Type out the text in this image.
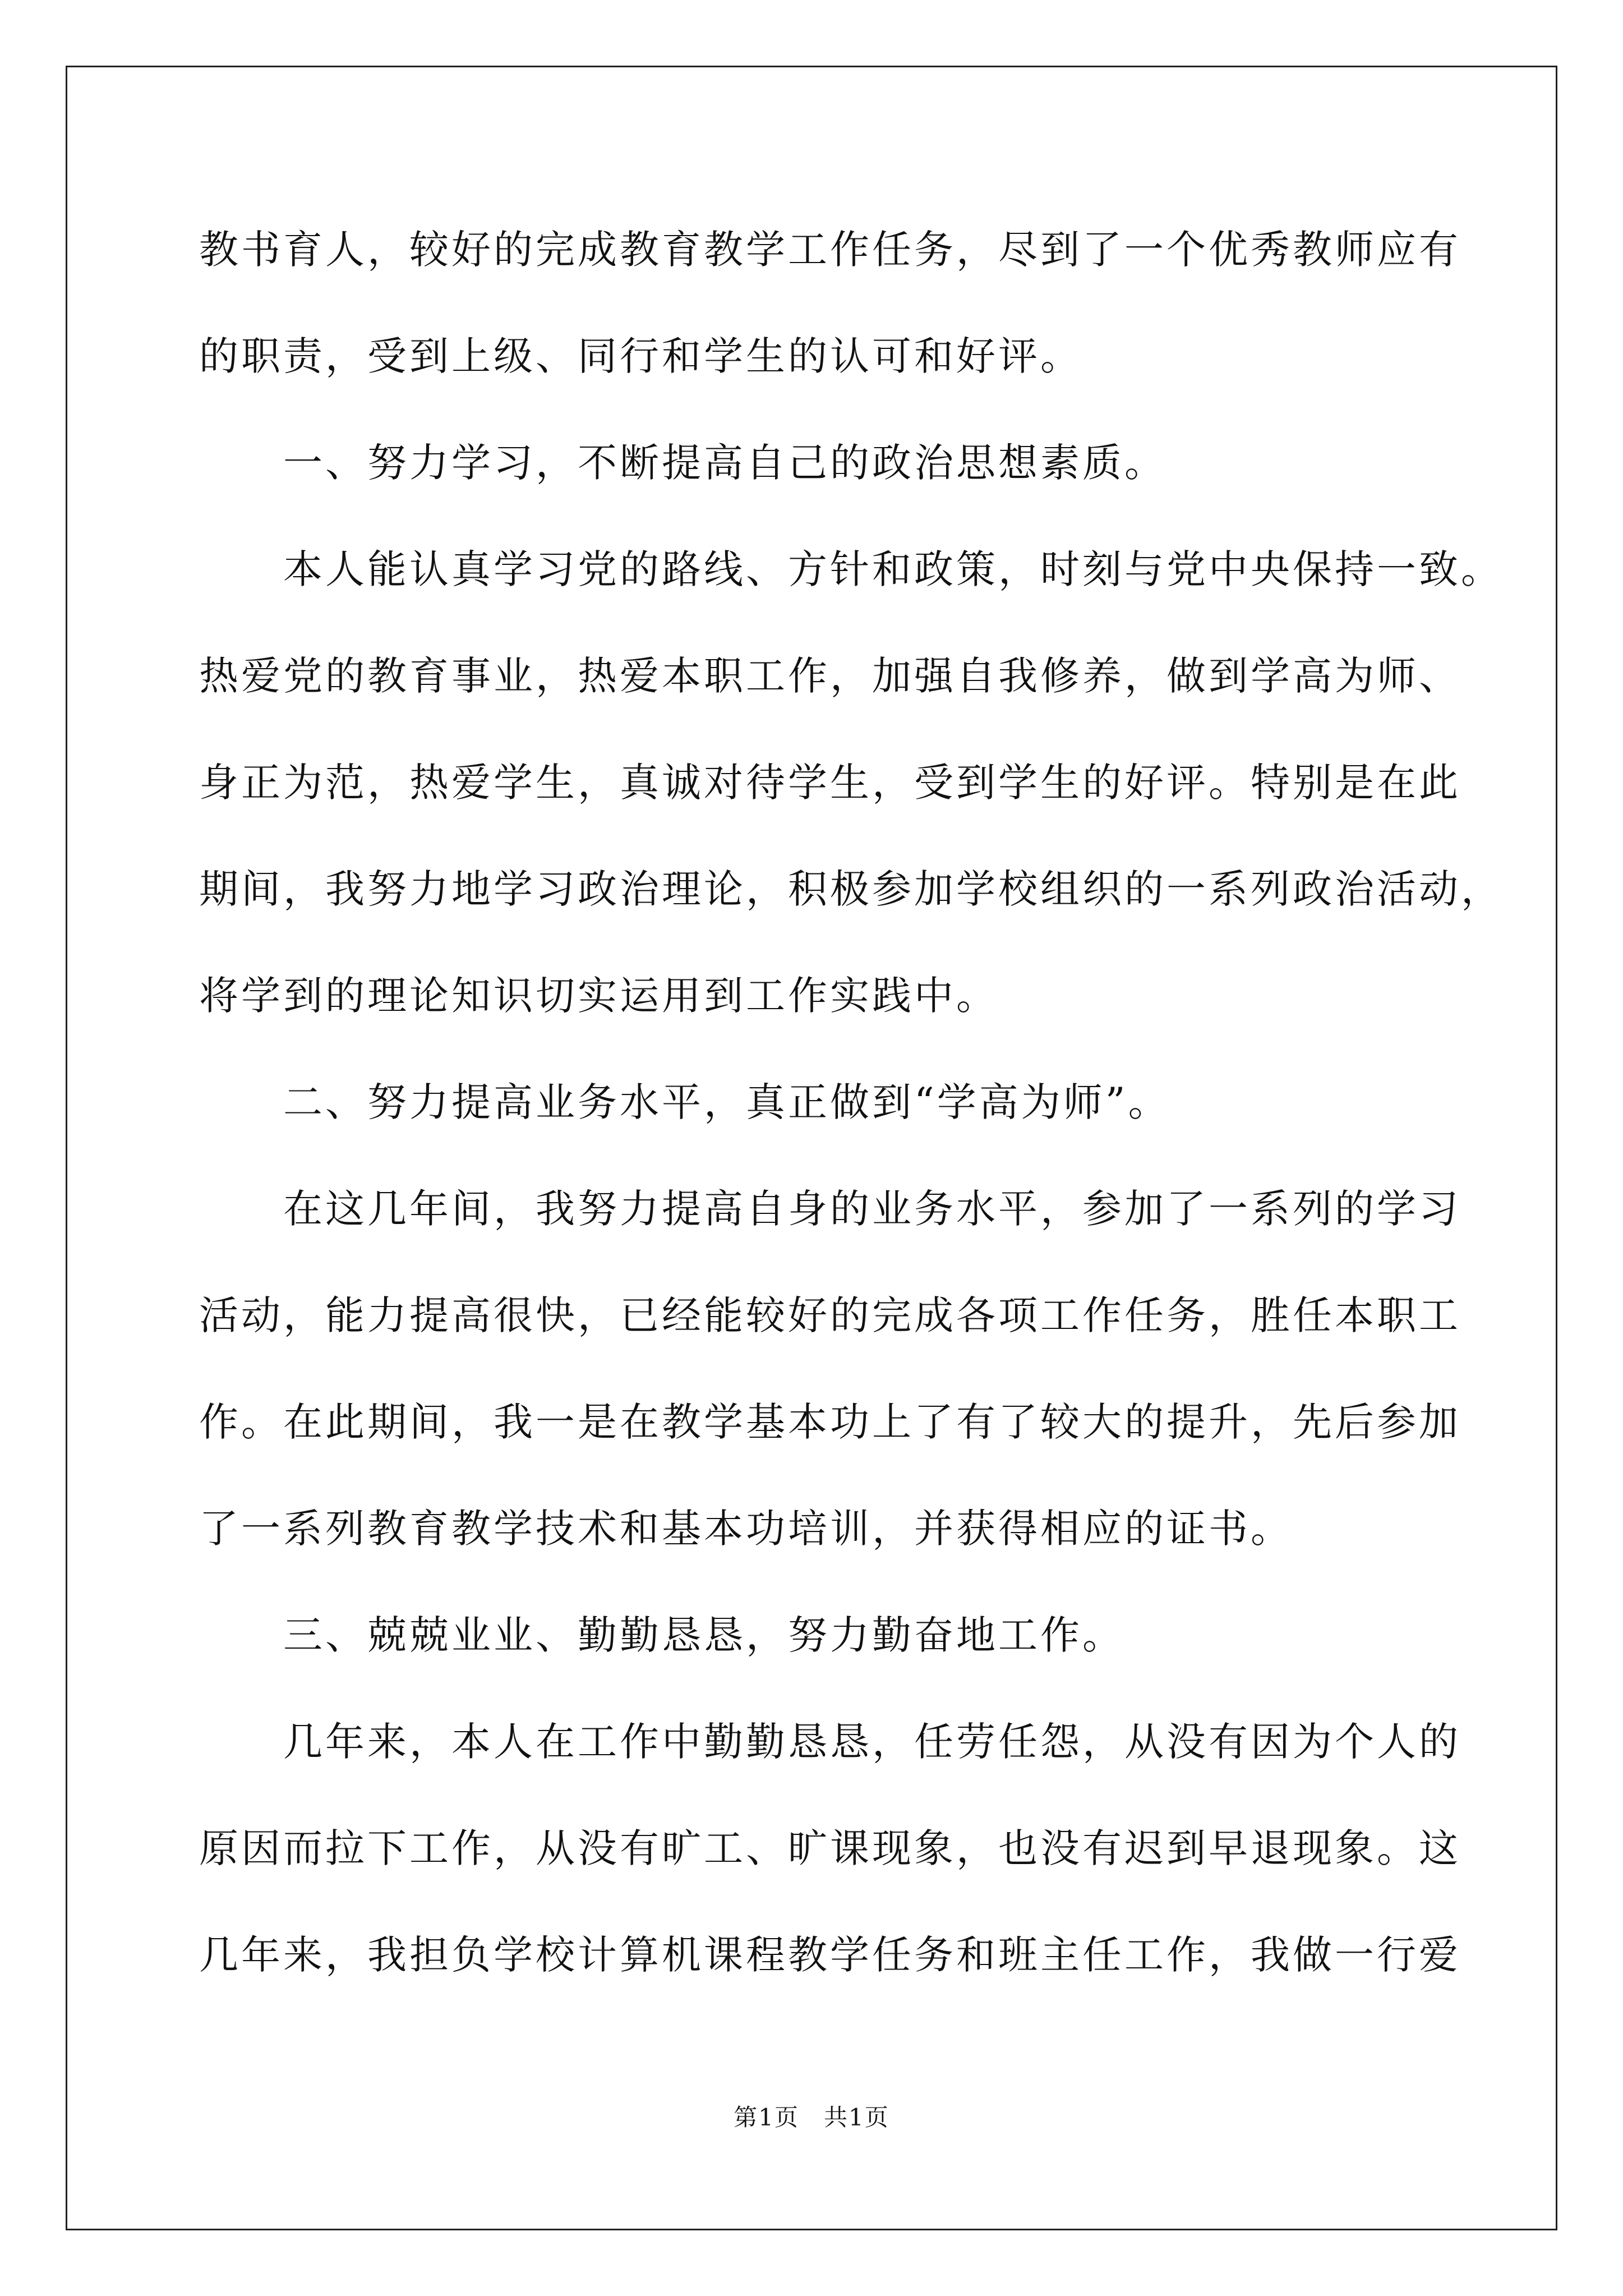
教书育人，较好的完成教育教学工作任务，尽到了一个优秀教师应有
的职责，受到上级、同行和学生的认可和好评。
　　一、努力学习，不断提高自己的政治思想素质。
　　本人能认真学习党的路线、方针和政策，时刻与党中央保持一致。
热爱党的教育事业，热爱本职工作，加强自我修养，做到学高为师、
身正为范，热爱学生，真诚对待学生，受到学生的好评。特别是在此
期间，我努力地学习政治理论，积极参加学校组织的一系列政治活动，
将学到的理论知识切实运用到工作实践中。
　　二、努力提高业务水平，真正做到“学高为师”。
　　在这几年间，我努力提高自身的业务水平，参加了一系列的学习
活动，能力提高很快，已经能较好的完成各项工作任务，胜任本职工
作。在此期间，我一是在教学基本功上了有了较大的提升，先后参加
了一系列教育教学技术和基本功培训，并获得相应的证书。
　　三、兢兢业业、勤勤恳恳，努力勤奋地工作。
　　几年来，本人在工作中勤勤恳恳，任劳任怨，从没有因为个人的
原因而拉下工作，从没有旷工、旷课现象，也没有迟到早退现象。这
几年来，我担负学校计算机课程教学任务和班主任工作，我做一行爱
第1页　共1页
